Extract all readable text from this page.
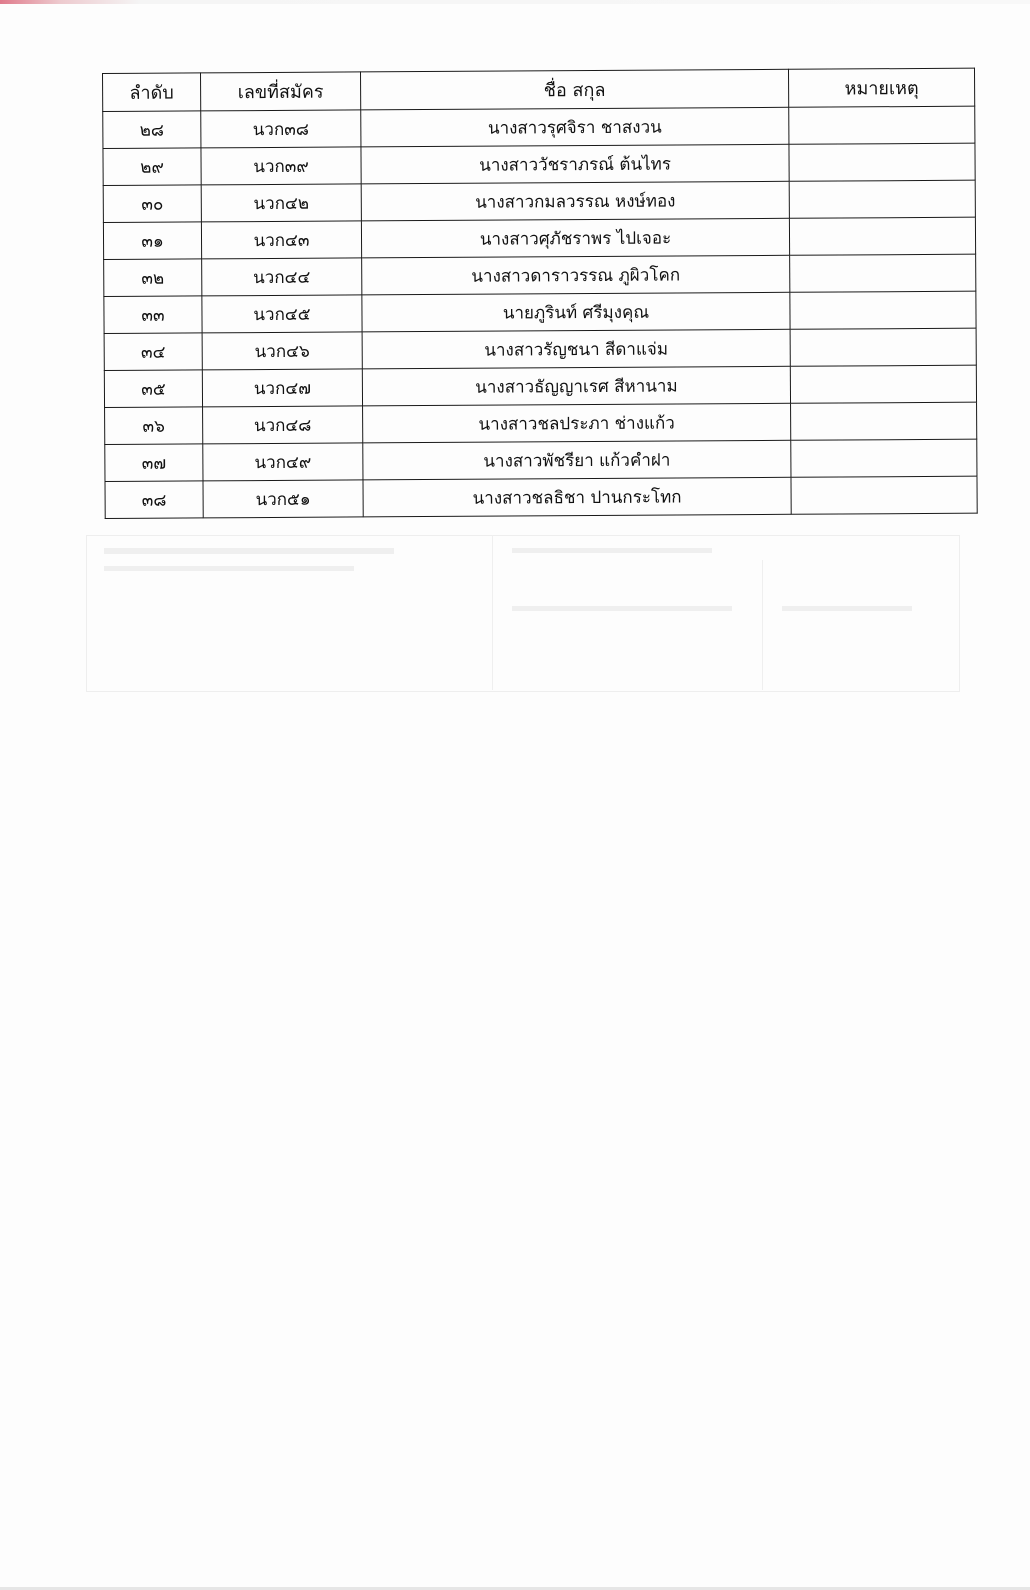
ลำดับ	เลขที่สมัคร	ชื่อ สกุล	หมายเหตุ
๒๘	นวก๓๘	นางสาวรุศจิรา ชาสงวน	
๒๙	นวก๓๙	นางสาววัชราภรณ์ ต้นไทร	
๓๐	นวก๔๒	นางสาวกมลวรรณ หงษ์ทอง	
๓๑	นวก๔๓	นางสาวศุภัชราพร ไปเจอะ	
๓๒	นวก๔๔	นางสาวดาราวรรณ ภูผิวโคก	
๓๓	นวก๔๕	นายภูรินท์ ศรีมุงคุณ	
๓๔	นวก๔๖	นางสาวรัญชนา สีดาแจ่ม	
๓๕	นวก๔๗	นางสาวธัญญาเรศ สีหานาม	
๓๖	นวก๔๘	นางสาวชลประภา ช่างแก้ว	
๓๗	นวก๔๙	นางสาวพัชรียา แก้วคำฝา	
๓๘	นวก๕๑	นางสาวชลธิชา ปานกระโทก	
